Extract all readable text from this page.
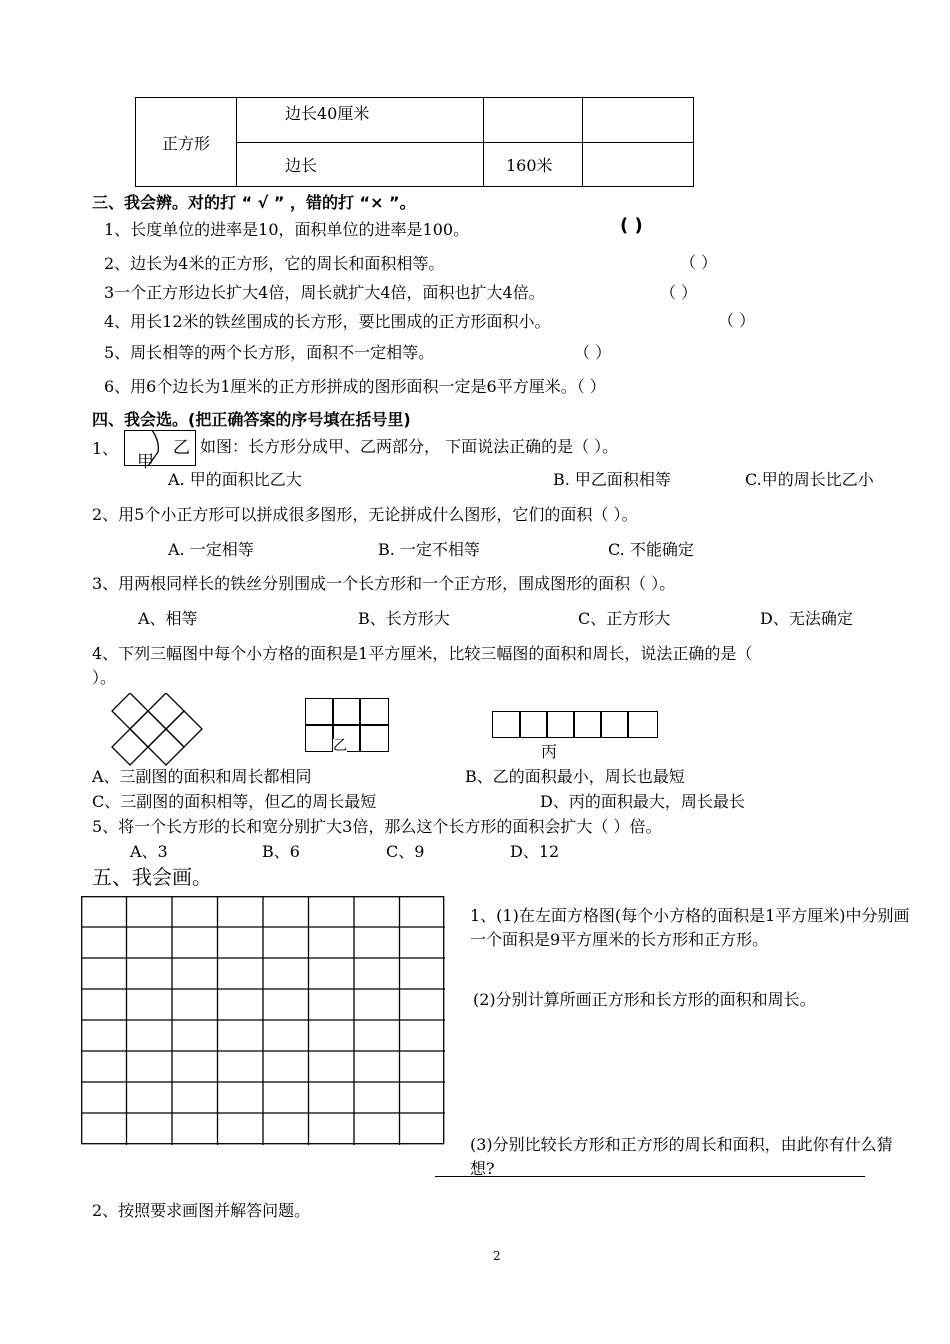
正方形	边长40厘米		
	边长	160米	
三、我会辨。对的打 “ √ ” ，错的打 “× ”。
1、长度单位的进率是10，面积单位的进率是100。	( )
2、边长为4米的正方形，它的周长和面积相等。	（ ）
3一个正方形边长扩大4倍，周长就扩大4倍，面积也扩大4倍。	（ ）
4、用长12米的铁丝围成的长方形，要比围成的正方形面积小。	（ ）
5、周长相等的两个长方形，面积不一定相等。	（ ）
6、用6个边长为1厘米的正方形拼成的图形面积一定是6平方厘米。（ ）
四、我会选。(把正确答案的序号填在括号里)
1、
甲
乙 如图：长方形分成甲、乙两部分， 下面说法正确的是（ ）。
A. 甲的面积比乙大	B. 甲乙面积相等	C.甲的周长比乙小
2、用5个小正方形可以拼成很多图形，无论拼成什么图形，它们的面积（ ）。
A. 一定相等	B. 一定不相等	C. 不能确定
3、用两根同样长的铁丝分别围成一个长方形和一个正方形，围成图形的面积（ ）。
A、相等	B、长方形大	C、正方形大	D、无法确定
4、下列三幅图中每个小方格的面积是1平方厘米，比较三幅图的面积和周长，说法正确的是（
）。
乙	丙
A、三副图的面积和周长都相同	B、乙的面积最小，周长也最短
C、三副图的面积相等，但乙的周长最短	D、丙的面积最大，周长最长
5、将一个长方形的长和宽分别扩大3倍，那么这个长方形的面积会扩大（ ）倍。
A、3	B、6	C、9	D、12
五、我会画。
1、(1)在左面方格图(每个小方格的面积是1平方厘米)中分别画一个面积是9平方厘米的长方形和正方形。
(2)分别计算所画正方形和长方形的面积和周长。
(3)分别比较长方形和正方形的周长和面积，由此你有什么猜想?
2、按照要求画图并解答问题。
2
